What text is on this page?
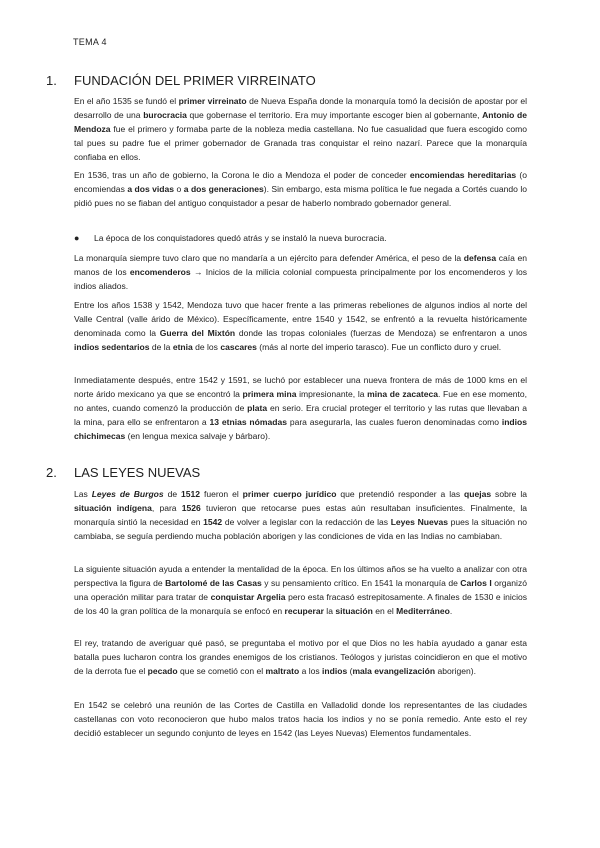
TEMA 4
1. FUNDACIÓN DEL PRIMER VIRREINATO

En el año 1535 se fundó el primer virreinato de Nueva España donde la monarquía tomó la decisión de apostar por el desarrollo de una burocracia que gobernase el territorio. Era muy importante escoger bien al gobernante, Antonio de Mendoza fue el primero y formaba parte de la nobleza media castellana. No fue casualidad que fuera escogido como tal pues su padre fue el primer gobernador de Granada tras conquistar el reino nazarí. Parece que la monarquía confiaba en ellos.

En 1536, tras un año de gobierno, la Corona le dio a Mendoza el poder de conceder encomiendas hereditarias (o encomiendas a dos vidas o a dos generaciones). Sin embargo, esta misma política le fue negada a Cortés cuando lo pidió pues no se fiaban del antiguo conquistador a pesar de haberlo nombrado gobernador general.

● La época de los conquistadores quedó atrás y se instaló la nueva burocracia.

La monarquía siempre tuvo claro que no mandaría a un ejército para defender América, el peso de la defensa caía en manos de los encomenderos → Inicios de la milicia colonial compuesta principalmente por los encomenderos y los indios aliados.

Entre los años 1538 y 1542, Mendoza tuvo que hacer frente a las primeras rebeliones de algunos indios al norte del Valle Central (valle árido de México). Específicamente, entre 1540 y 1542, se enfrentó a la revuelta históricamente denominada como la Guerra del Mixtón donde las tropas coloniales (fuerzas de Mendoza) se enfrentaron a unos indios sedentarios de la etnia de los cascares (más al norte del imperio tarasco). Fue un conflicto duro y cruel.

Inmediatamente después, entre 1542 y 1591, se luchó por establecer una nueva frontera de más de 1000 kms en el norte árido mexicano ya que se encontró la primera mina impresionante, la mina de zacateca. Fue en ese momento, no antes, cuando comenzó la producción de plata en serio. Era crucial proteger el territorio y las rutas que llevaban a la mina, para ello se enfrentaron a 13 etnias nómadas para asegurarla, las cuales fueron denominadas como indios chichimecas (en lengua mexica salvaje y bárbaro).

2. LAS LEYES NUEVAS

Las Leyes de Burgos de 1512 fueron el primer cuerpo jurídico que pretendió responder a las quejas sobre la situación indígena, para 1526 tuvieron que retocarse pues estas aún resultaban insuficientes. Finalmente, la monarquía sintió la necesidad en 1542 de volver a legislar con la redacción de las Leyes Nuevas pues la situación no cambiaba, se seguía perdiendo mucha población aborigen y las condiciones de vida en las Indias no cambiaban.

La siguiente situación ayuda a entender la mentalidad de la época. En los últimos años se ha vuelto a analizar con otra perspectiva la figura de Bartolomé de las Casas y su pensamiento crítico. En 1541 la monarquía de Carlos I organizó una operación militar para tratar de conquistar Argelia pero esta fracasó estrepitosamente. A finales de 1530 e inicios de los 40 la gran política de la monarquía se enfocó en recuperar la situación en el Mediterráneo.

El rey, tratando de averiguar qué pasó, se preguntaba el motivo por el que Dios no les había ayudado a ganar esta batalla pues lucharon contra los grandes enemigos de los cristianos. Teólogos y juristas coincidieron en que el motivo de la derrota fue el pecado que se cometió con el maltrato a los indios (mala evangelización aborigen).

En 1542 se celebró una reunión de las Cortes de Castilla en Valladolid donde los representantes de las ciudades castellanas con voto reconocieron que hubo malos tratos hacia los indios y no se ponía remedio. Ante esto el rey decidió establecer un segundo conjunto de leyes en 1542 (las Leyes Nuevas) Elementos fundamentales.
